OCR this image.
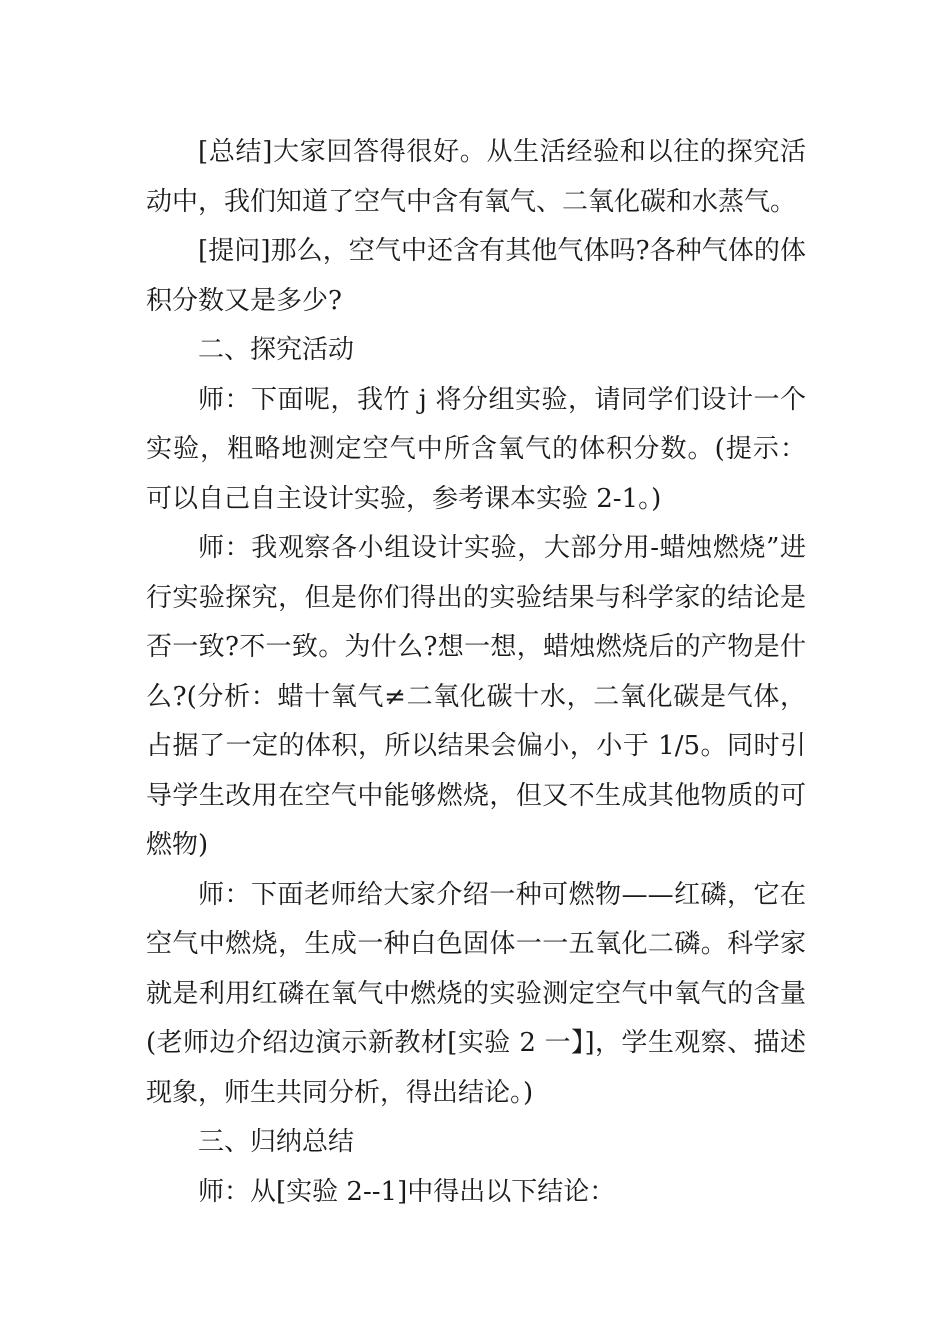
[总结]大家回答得很好。从生活经验和以往的探究活动中，我们知道了空气中含有氧气、二氧化碳和水蒸气。

[提问]那么，空气中还含有其他气体吗?各种气体的体积分数又是多少?

二、探究活动

师：下面呢，我竹 j 将分组实验，请同学们设计一个实验，粗略地测定空气中所含氧气的体积分数。(提示：可以自己自主设计实验，参考课本实验 2-1。)

师：我观察各小组设计实验，大部分用-蜡烛燃烧”进行实验探究，但是你们得出的实验结果与科学家的结论是否一致?不一致。为什么?想一想，蜡烛燃烧后的产物是什么?(分析：蜡十氧气≠二氧化碳十水，二氧化碳是气体，占据了一定的体积，所以结果会偏小，小于 1/5。同时引导学生改用在空气中能够燃烧，但又不生成其他物质的可燃物)

师：下面老师给大家介绍一种可燃物——红磷，它在空气中燃烧，生成一种白色固体一一五氧化二磷。科学家就是利用红磷在氧气中燃烧的实验测定空气中氧气的含量(老师边介绍边演示新教材[实验 2 一】]，学生观察、描述现象，师生共同分析，得出结论。)

三、归纳总结

师：从[实验 2--1]中得出以下结论：
